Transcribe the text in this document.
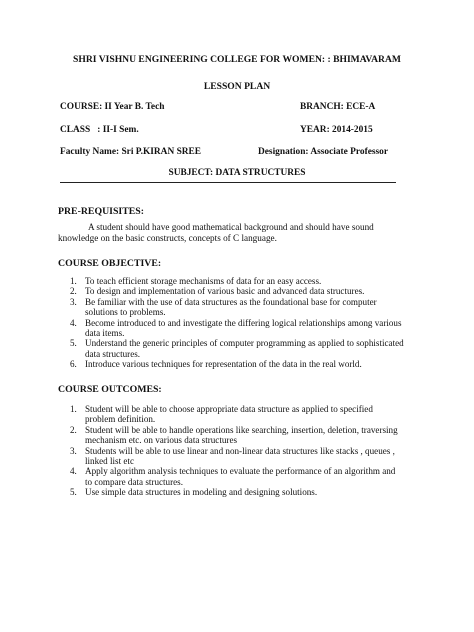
SHRI VISHNU ENGINEERING COLLEGE FOR WOMEN: : BHIMAVARAM
LESSON PLAN
COURSE: II Year B. Tech	BRANCH: ECE-A
CLASS   : II-I Sem.	YEAR: 2014-2015
Faculty Name: Sri P.KIRAN SREE	Designation: Associate Professor
SUBJECT: DATA STRUCTURES
PRE-REQUISITES:
A student should have good mathematical background and should have sound knowledge on the basic constructs, concepts of C language.
COURSE OBJECTIVE:
1. To teach efficient storage mechanisms of data for an easy access.
2. To design and implementation of various basic and advanced data structures.
3. Be familiar with the use of data structures as the foundational base for computer solutions to problems.
4. Become introduced to and investigate the differing logical relationships among various data items.
5. Understand the generic principles of computer programming as applied to sophisticated data structures.
6. Introduce various techniques for representation of the data in the real world.
COURSE OUTCOMES:
1. Student will be able to choose appropriate data structure as applied to specified problem definition.
2. Student will be able to handle operations like searching, insertion, deletion, traversing mechanism etc. on various data structures
3. Students will be able to use linear and non-linear data structures like stacks , queues , linked list etc
4. Apply algorithm analysis techniques to evaluate the performance of an algorithm and to compare data structures.
5. Use simple data structures in modeling and designing solutions.
